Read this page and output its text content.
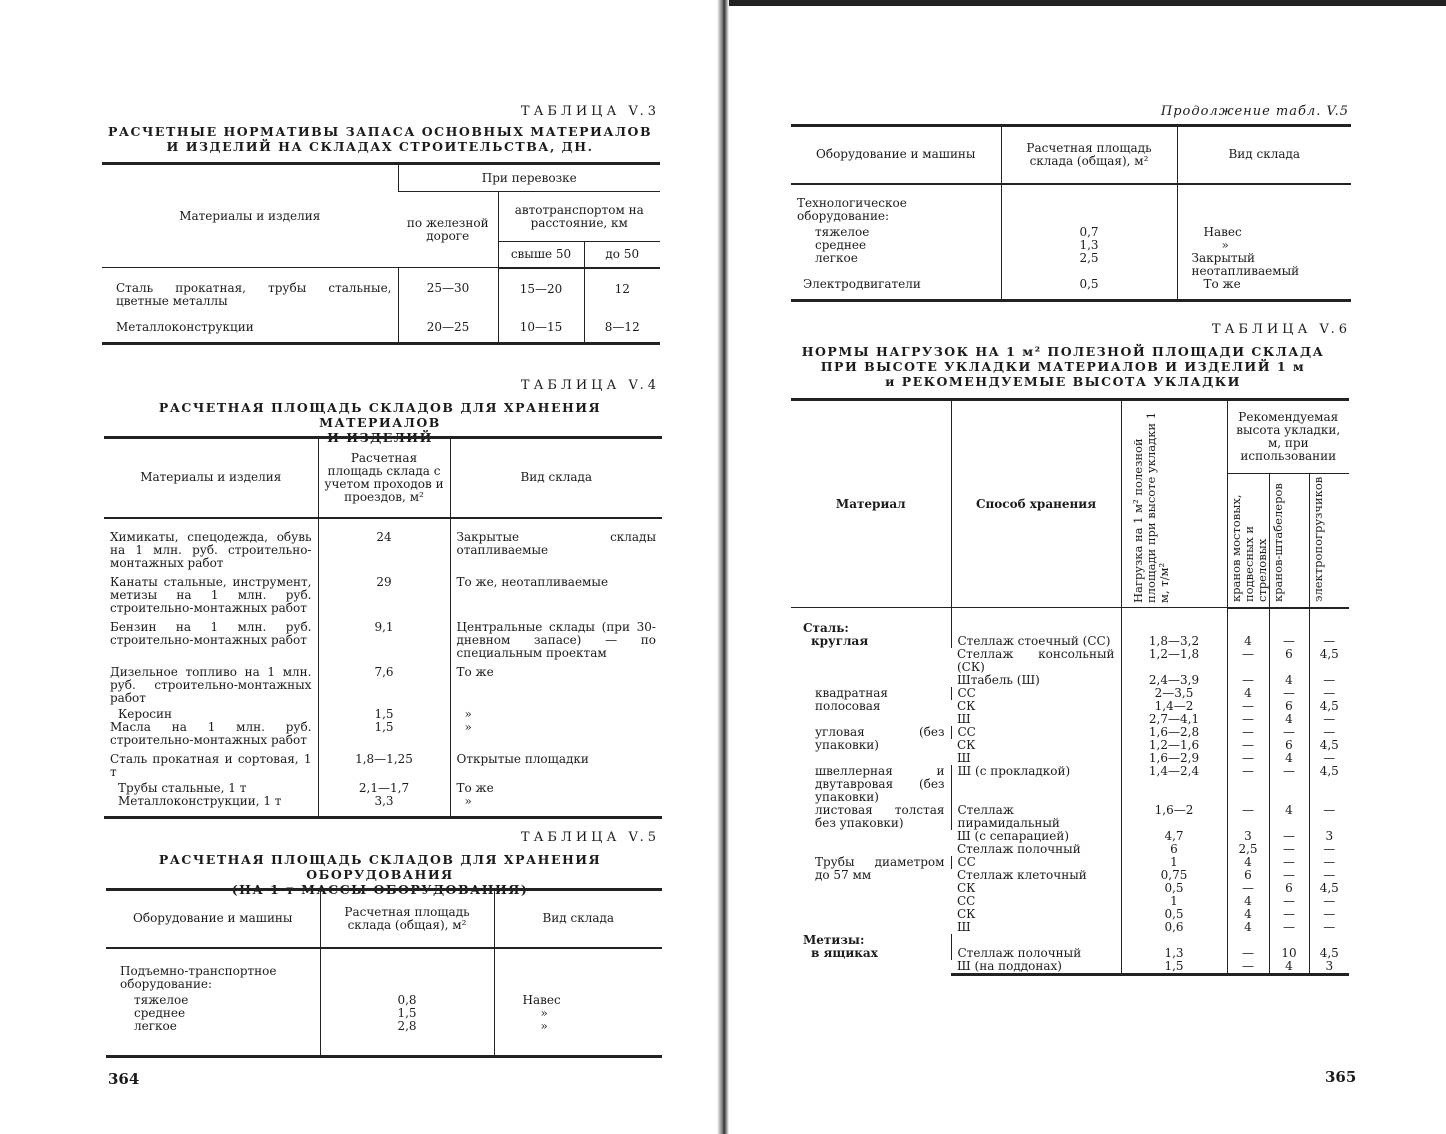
ТАБЛИЦА V.3
РАСЧЕТНЫЕ НОРМАТИВЫ ЗАПАСА ОСНОВНЫХ МАТЕРИАЛОВ
И ИЗДЕЛИЙ НА СКЛАДАХ СТРОИТЕЛЬСТВА, ДН.
Материалы и изделия	При перевозке		
	по железной дороге	автотранспортом на расстояние, км	
		свыше 50	до 50
Сталь прокатная, трубы стальные, цветные металлы	25—30	15—20	12
Металлоконструкции	20—25	10—15	8—12
ТАБЛИЦА V.4
РАСЧЕТНАЯ ПЛОЩАДЬ СКЛАДОВ ДЛЯ ХРАНЕНИЯ МАТЕРИАЛОВ
И ИЗДЕЛИЙ
Материалы и изделия	Расчетная площадь склада с учетом проходов и проездов, м²	Вид склада
Химикаты, спецодежда, обувь на 1 млн. руб. строительно-монтажных работ	24	Закрытые склады отапливаемые
Канаты стальные, инструмент, метизы на 1 млн. руб. строительно-монтажных работ	29	То же, неотапливаемые
Бензин на 1 млн. руб. строительно-монтажных работ	9,1	Центральные склады (при 30-дневном запасе) — по специальным проектам
Дизельное топливо на 1 млн. руб. строительно-монтажных работ	7,6	То же
Керосин	1,5	»
Масла на 1 млн. руб. строительно-монтажных работ	1,5	»
Сталь прокатная и сортовая, 1 т	1,8—1,25	Открытые площадки
Трубы стальные, 1 т	2,1—1,7	То же
Металлоконструкции, 1 т	3,3	»
ТАБЛИЦА V.5
РАСЧЕТНАЯ ПЛОЩАДЬ СКЛАДОВ ДЛЯ ХРАНЕНИЯ ОБОРУДОВАНИЯ
(НА 1 т МАССЫ ОБОРУДОВАНИЯ)
Оборудование и машины	Расчетная площадь склада (общая), м²	Вид склада
Подъемно-транспортное оборудование:		
тяжелое	0,8	Навес
среднее	1,5	»
легкое	2,8	»
364
Продолжение табл. V.5
Оборудование и машины	Расчетная площадь склада (общая), м²	Вид склада
Технологическое оборудование:		
тяжелое	0,7	Навес
среднее	1,3	»
легкое	2,5	Закрытый неотапливаемый
Электродвигатели	0,5	То же
ТАБЛИЦА V.6
НОРМЫ НАГРУЗОК НА 1 м² ПОЛЕЗНОЙ ПЛОЩАДИ СКЛАДА
ПРИ ВЫСОТЕ УКЛАДКИ МАТЕРИАЛОВ И ИЗДЕЛИЙ 1 м
и РЕКОМЕНДУЕМЫЕ ВЫСОТА УКЛАДКИ
Материал	Способ хранения	Нагрузка на 1 м² полезной площади при высоте укладки 1 м, т/м²	Рекомендуемая высота укладки, м, при использовании		

			кранов мостовых, подвесных и стреловых	кранов-штабелеров	электропогрузчиков

Сталь:					
круглая	Стеллаж стоечный (СС)	1,8—3,2	4	—	—
	Стеллаж консольный (СК)	1,2—1,8	—	6	4,5
	Штабель (Ш)	2,4—3,9	—	4	—
квадратная полосовая	СС	2—3,5	4	—	—
	СК	1,4—2	—	6	4,5
	Ш	2,7—4,1	—	4	—
угловая (без упаковки)	СС	1,6—2,8	—	—	—
	СК	1,2—1,6	—	6	4,5
	Ш	1,6—2,9	—	4	—
швеллерная и двутавровая (без упаковки)	Ш (с прокладкой)	1,4—2,4	—	—	4,5
листовая толстая без упаковки)	Стеллаж пирамидальный	1,6—2	—	4	—
	Ш (с сепарацией)	4,7	3	—	3
	Стеллаж полочный	6	2,5	—	—
Трубы диаметром до 57 мм	СС	1	4	—	—
	Стеллаж клеточный	0,75	6	—	—
	СК	0,5	—	6	4,5
	СС	1	4	—	—
	СК	0,5	4	—	—
	Ш	0,6	4	—	—
Метизы:					
в ящиках	Стеллаж полочный	1,3	—	10	4,5
	Ш (на поддонах)	1,5	—	4	3
365
